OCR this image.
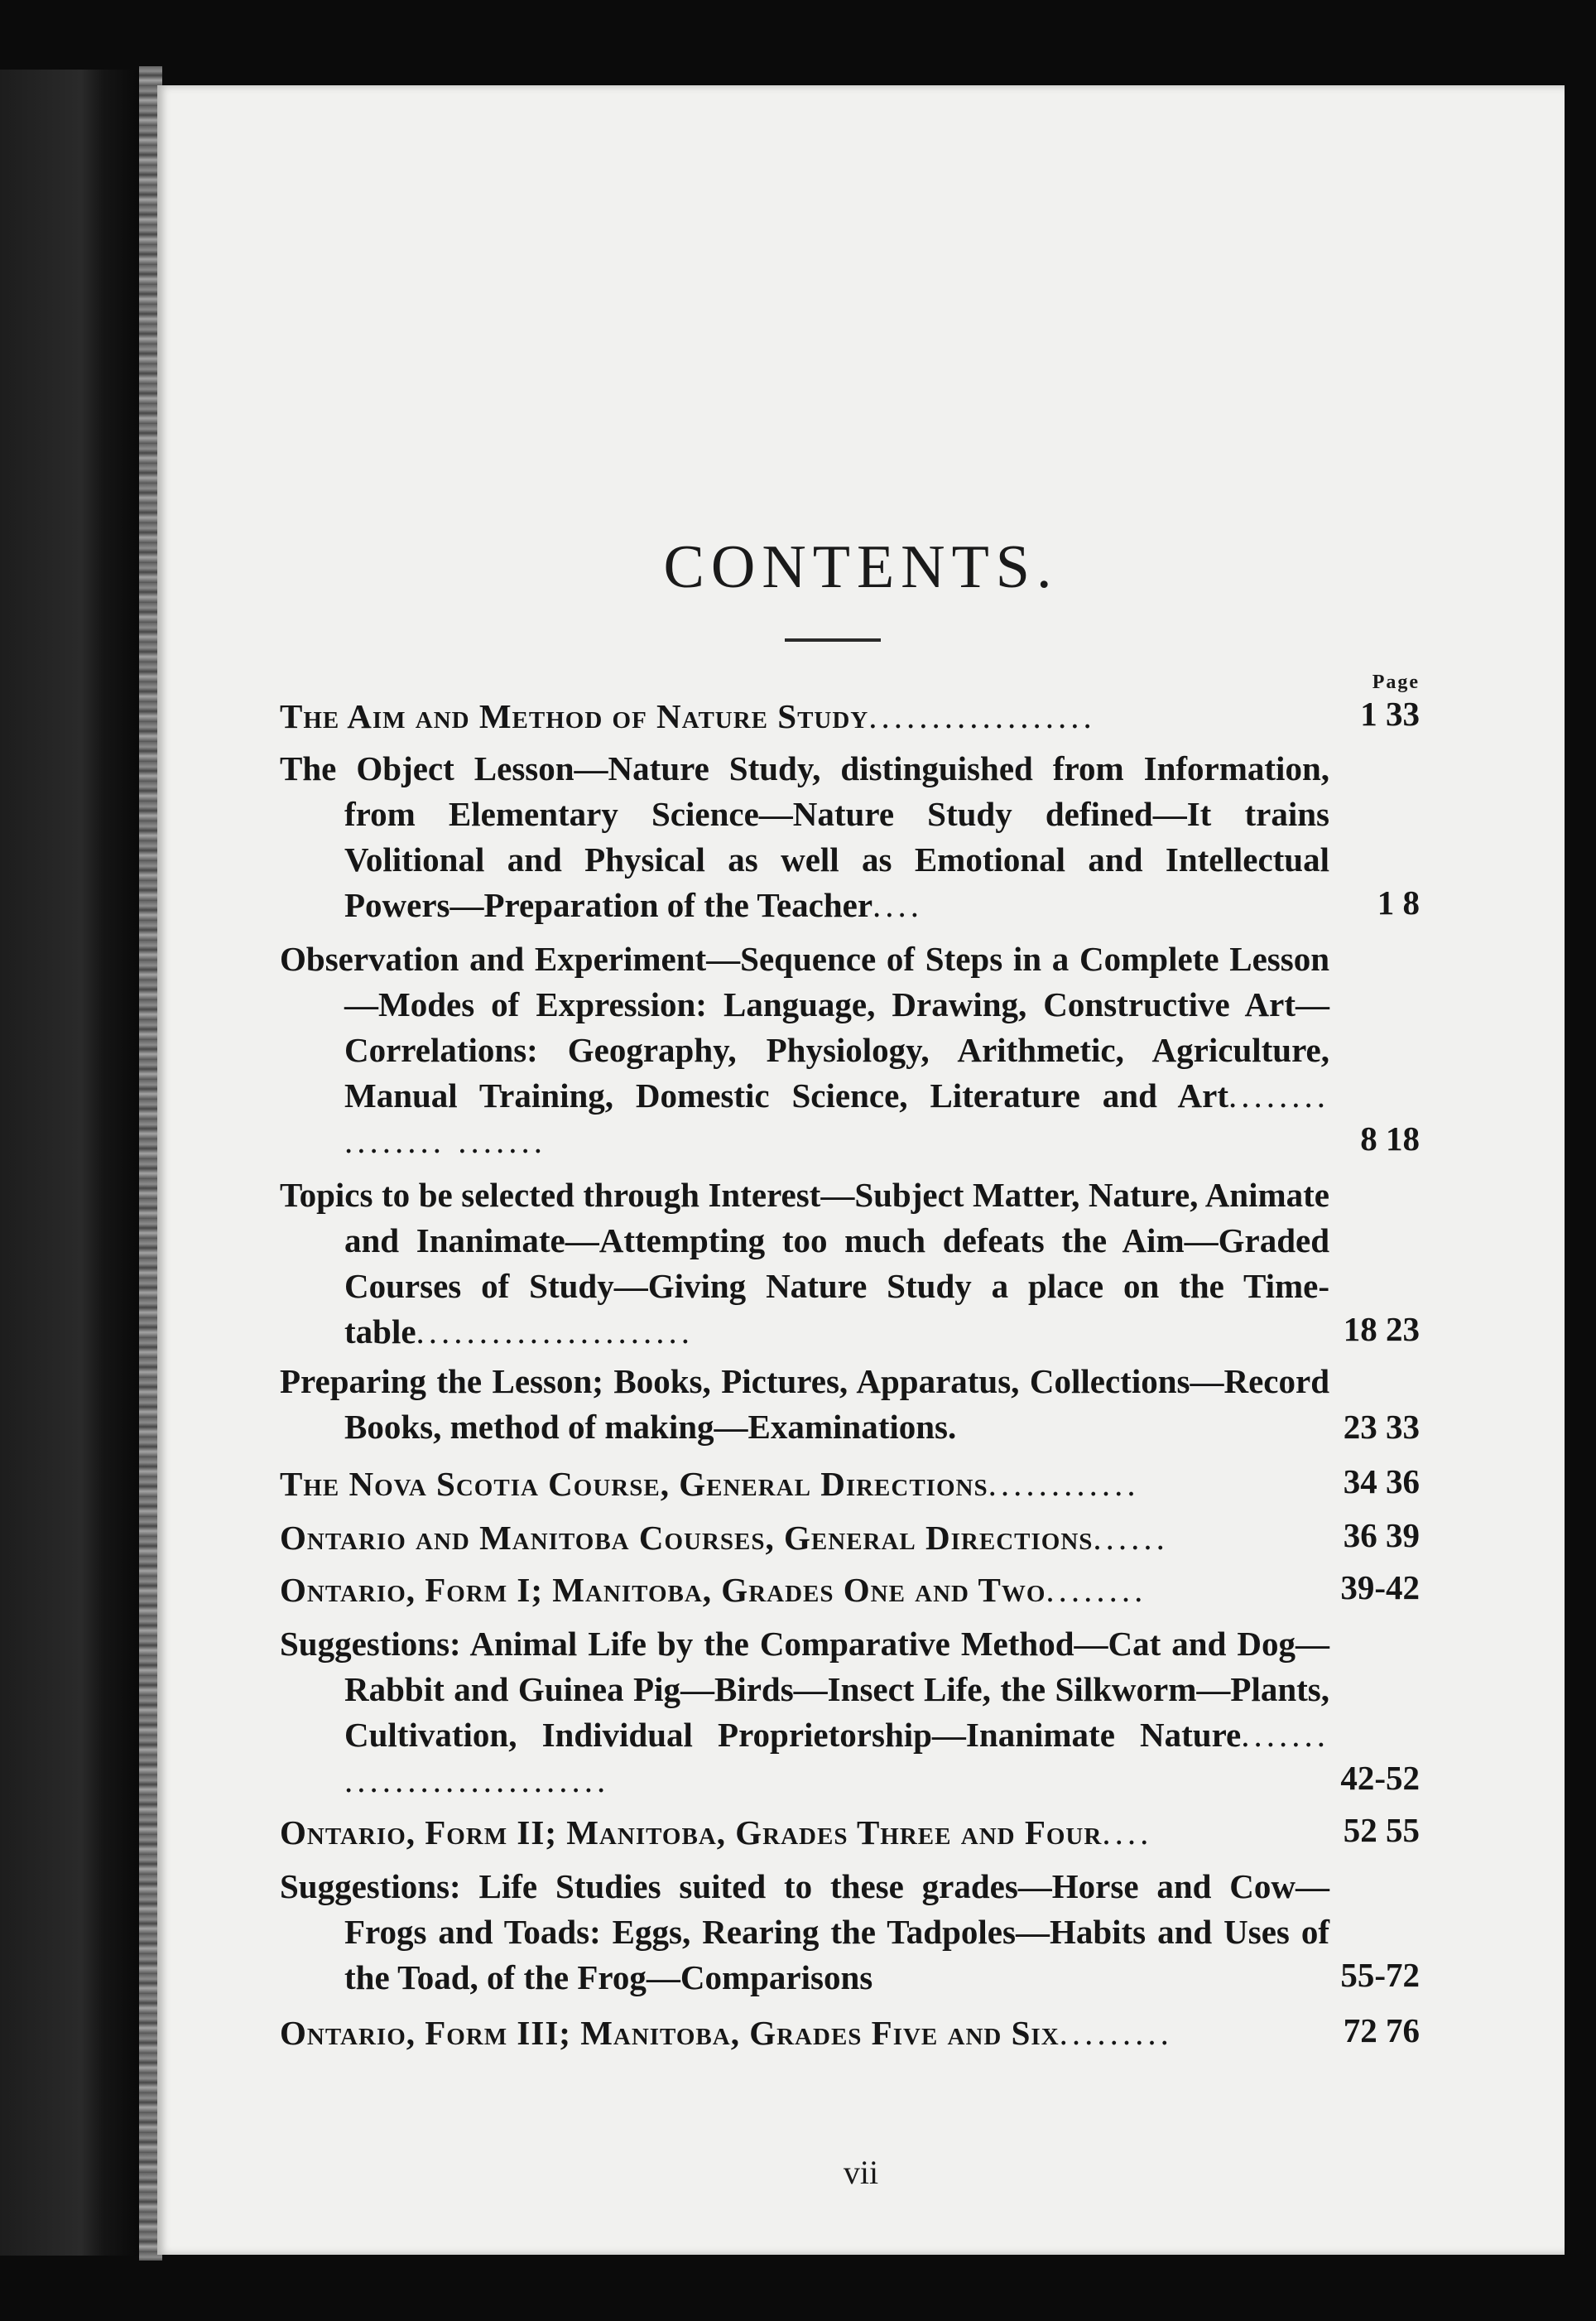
CONTENTS.
Page
The Aim and Method of Nature Study..................	1 33
The Object Lesson—Nature Study, distinguished from Information, from Elementary Science—Nature Study defined—It trains Volitional and Physical as well as Emotional and Intellectual Powers—Preparation of the Teacher....	1 8
Observation and Experiment—Sequence of Steps in a Complete Lesson—Modes of Expression: Language, Drawing, Constructive Art—Correlations: Geography, Physiology, Arithmetic, Agriculture, Manual Training, Domestic Science, Literature and Art........ ........ .......	8 18
Topics to be selected through Interest—Subject Matter, Nature, Animate and Inanimate—Attempting too much defeats the Aim—Graded Courses of Study—Giving Nature Study a place on the Time-table......................	18 23
Preparing the Lesson; Books, Pictures, Apparatus, Collections—Record Books, method of making—Examinations.	23 33
The Nova Scotia Course, General Directions............	34 36
Ontario and Manitoba Courses, General Directions......	36 39
Ontario, Form I; Manitoba, Grades One and Two........	39-42
Suggestions: Animal Life by the Comparative Method—Cat and Dog—Rabbit and Guinea Pig—Birds—Insect Life, the Silkworm—Plants, Cultivation, Individual Proprietorship—Inanimate Nature....... .....................	42-52
Ontario, Form II; Manitoba, Grades Three and Four....	52 55
Suggestions: Life Studies suited to these grades—Horse and Cow—Frogs and Toads: Eggs, Rearing the Tadpoles—Habits and Uses of the Toad, of the Frog—Comparisons	55-72
Ontario, Form III; Manitoba, Grades Five and Six.........	72 76
vii
